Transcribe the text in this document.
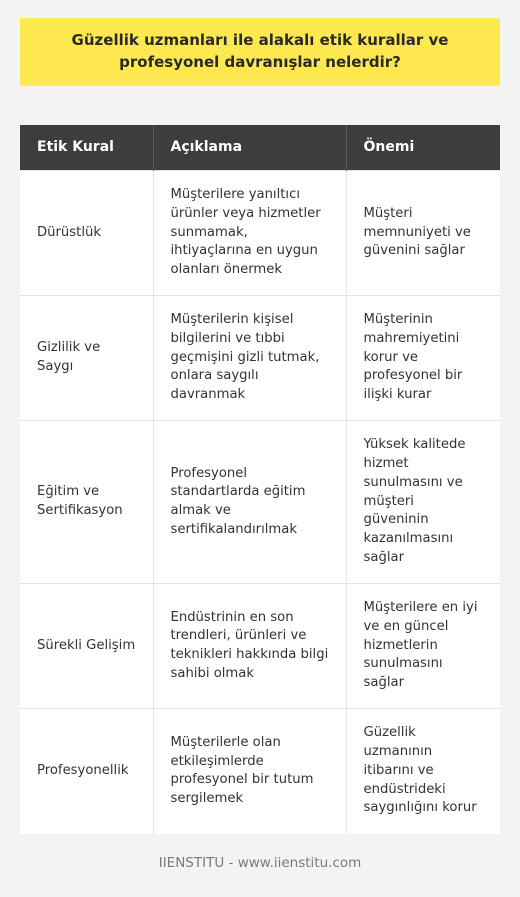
Güzellik uzmanları ile alakalı etik kurallar ve profesyonel davranışlar nelerdir?
Etik Kural	Açıklama	Önemi
Dürüstlük	Müşterilere yanıltıcı ürünler veya hizmetler sunmamak, ihtiyaçlarına en uygun olanları önermek	Müşteri memnuniyeti ve güvenini sağlar
Gizlilik ve Saygı	Müşterilerin kişisel bilgilerini ve tıbbi geçmişini gizli tutmak, onlara saygılı davranmak	Müşterinin mahremiyetini korur ve profesyonel bir ilişki kurar
Eğitim ve Sertifikasyon	Profesyonel standartlarda eğitim almak ve sertifikalandırılmak	Yüksek kalitede hizmet sunulmasını ve müşteri güveninin kazanılmasını sağlar
Sürekli Gelişim	Endüstrinin en son trendleri, ürünleri ve teknikleri hakkında bilgi sahibi olmak	Müşterilere en iyi ve en güncel hizmetlerin sunulmasını sağlar
Profesyonellik	Müşterilerle olan etkileşimlerde profesyonel bir tutum sergilemek	Güzellik uzmanının itibarını ve endüstrideki saygınlığını korur
IIENSTITU - www.iienstitu.com
